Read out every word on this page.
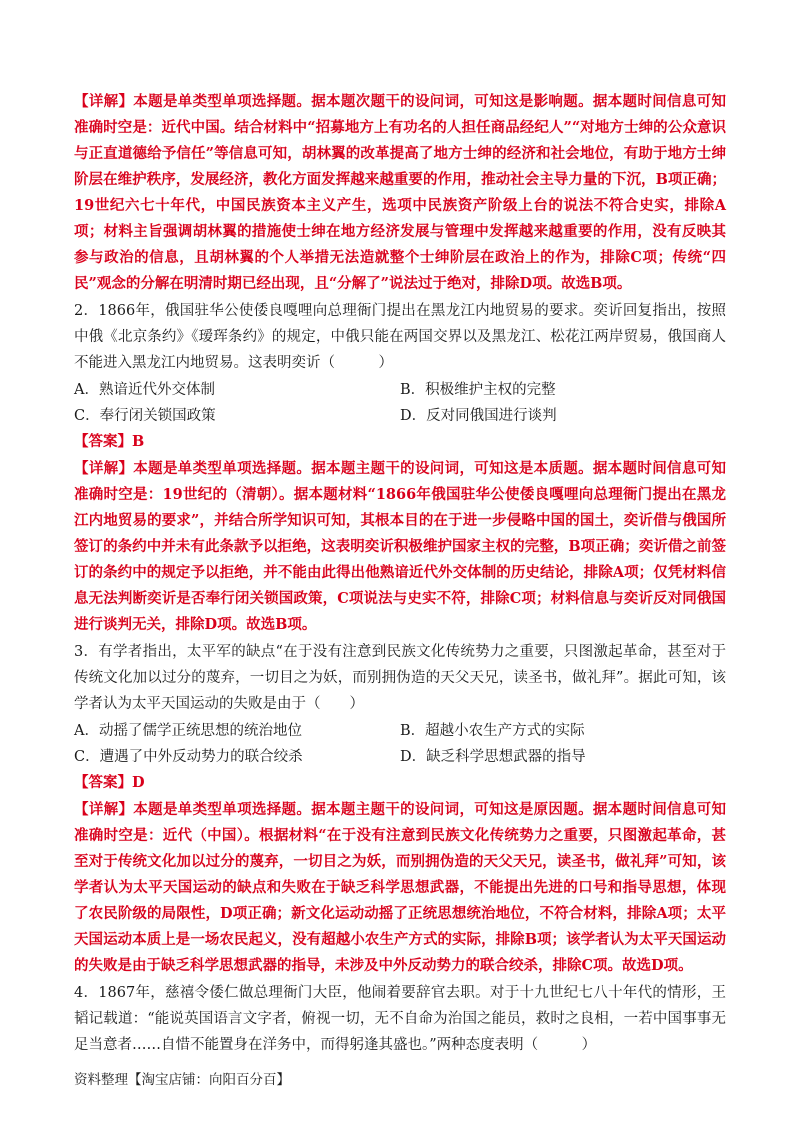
【详解】本题是单类型单项选择题。据本题次题干的设问词，可知这是影响题。据本题时间信息可知准确时空是：近代中国。结合材料中“招募地方上有功名的人担任商品经纪人”“对地方士绅的公众意识与正直道德给予信任”等信息可知，胡林翼的改革提高了地方士绅的经济和社会地位，有助于地方士绅阶层在维护秩序，发展经济，教化方面发挥越来越重要的作用，推动社会主导力量的下沉，B项正确；19世纪六七十年代，中国民族资本主义产生，选项中民族资产阶级上台的说法不符合史实，排除A项；材料主旨强调胡林翼的措施使士绅在地方经济发展与管理中发挥越来越重要的作用，没有反映其参与政治的信息，且胡林翼的个人举措无法造就整个士绅阶层在政治上的作为，排除C项；传统“四民”观念的分解在明清时期已经出现，且“分解了”说法过于绝对，排除D项。故选B项。

2．1866年，俄国驻华公使倭良嘎哩向总理衙门提出在黑龙江内地贸易的要求。奕䜣回复指出，按照中俄《北京条约》《瑷珲条约》的规定，中俄只能在两国交界以及黑龙江、松花江两岸贸易，俄国商人不能进入黑龙江内地贸易。这表明奕䜣（　　　）

A．熟谙近代外交体制	B．积极维护主权的完整
C．奉行闭关锁国政策	D．反对同俄国进行谈判

【答案】B

【详解】本题是单类型单项选择题。据本题主题干的设问词，可知这是本质题。据本题时间信息可知准确时空是：19世纪的（清朝）。据本题材料“1866年俄国驻华公使倭良嘎哩向总理衙门提出在黑龙江内地贸易的要求”，并结合所学知识可知，其根本目的在于进一步侵略中国的国土，奕䜣借与俄国所签订的条约中并未有此条款予以拒绝，这表明奕䜣积极维护国家主权的完整，B项正确；奕䜣借之前签订的条约中的规定予以拒绝，并不能由此得出他熟谙近代外交体制的历史结论，排除A项；仅凭材料信息无法判断奕䜣是否奉行闭关锁国政策，C项说法与史实不符，排除C项；材料信息与奕䜣反对同俄国进行谈判无关，排除D项。故选B项。

3．有学者指出，太平军的缺点“在于没有注意到民族文化传统势力之重要，只图激起革命，甚至对于传统文化加以过分的蔑弃，一切目之为妖，而别拥伪造的天父天兄，读圣书，做礼拜”。据此可知，该学者认为太平天国运动的失败是由于（　　）

A．动摇了儒学正统思想的统治地位	B．超越小农生产方式的实际
C．遭遇了中外反动势力的联合绞杀	D．缺乏科学思想武器的指导

【答案】D

【详解】本题是单类型单项选择题。据本题主题干的设问词，可知这是原因题。据本题时间信息可知准确时空是：近代（中国）。根据材料“在于没有注意到民族文化传统势力之重要，只图激起革命，甚至对于传统文化加以过分的蔑弃，一切目之为妖，而别拥伪造的天父天兄，读圣书，做礼拜”可知，该学者认为太平天国运动的缺点和失败在于缺乏科学思想武器，不能提出先进的口号和指导思想，体现了农民阶级的局限性，D项正确；新文化运动动摇了正统思想统治地位，不符合材料，排除A项；太平天国运动本质上是一场农民起义，没有超越小农生产方式的实际，排除B项；该学者认为太平天国运动的失败是由于缺乏科学思想武器的指导，未涉及中外反动势力的联合绞杀，排除C项。故选D项。

4．1867年，慈禧令倭仁做总理衙门大臣，他闹着要辞官去职。对于十九世纪七八十年代的情形，王韬记载道：“能说英国语言文字者，俯视一切，无不自命为治国之能员，救时之良相，一若中国事事无足当意者……自惜不能置身在洋务中，而得躬逢其盛也。”两种态度表明（　　　）

资料整理【淘宝店铺：向阳百分百】
